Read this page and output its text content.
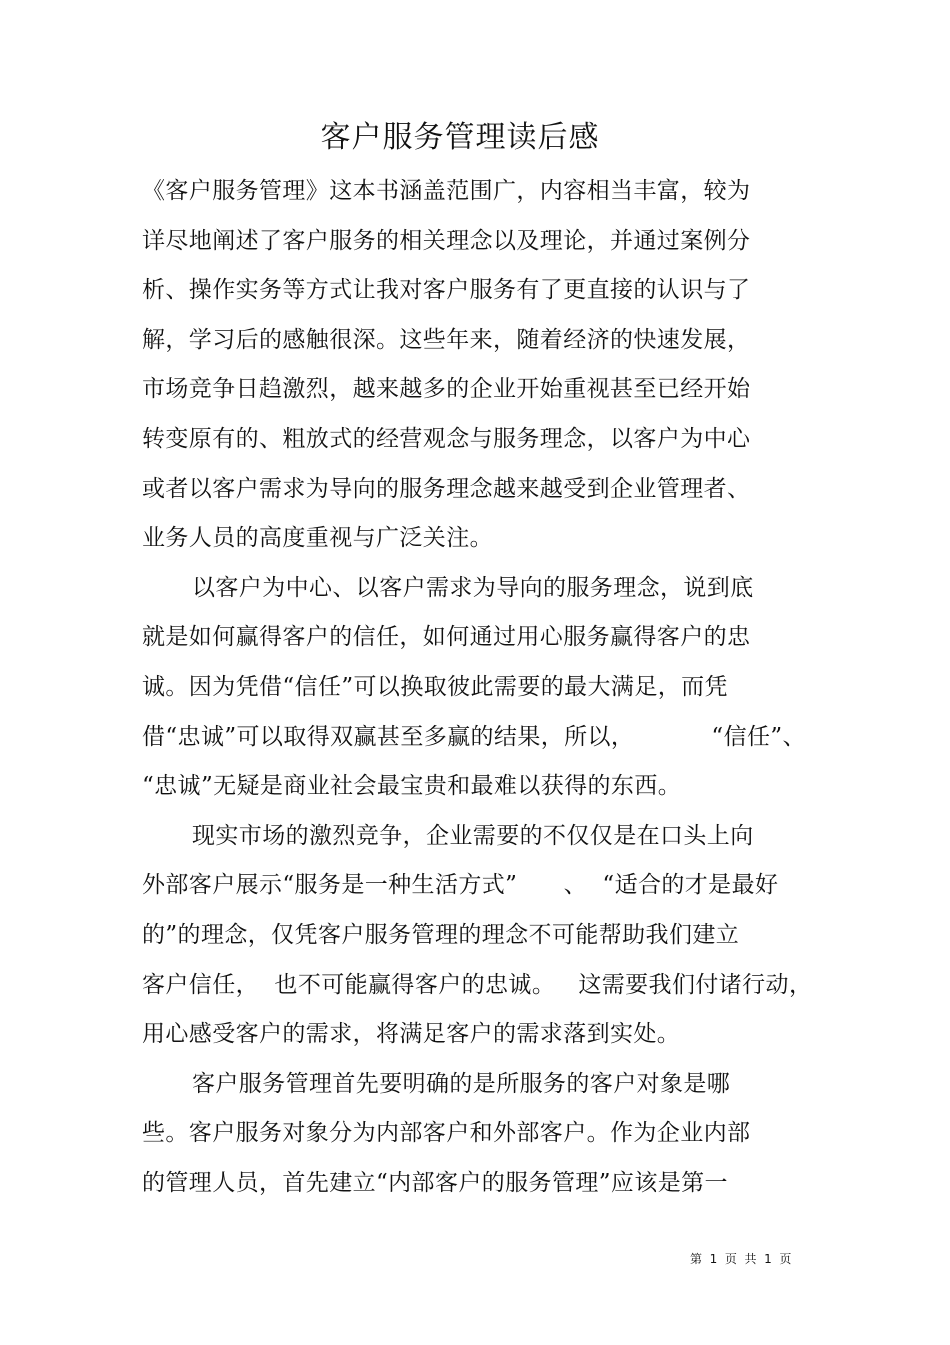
客户服务管理读后感
《客户服务管理》这本书涵盖范围广，内容相当丰富，较为
详尽地阐述了客户服务的相关理念以及理论，并通过案例分
析、操作实务等方式让我对客户服务有了更直接的认识与了
解，学习后的感触很深。这些年来，随着经济的快速发展，
市场竞争日趋激烈，越来越多的企业开始重视甚至已经开始
转变原有的、粗放式的经营观念与服务理念，以客户为中心
或者以客户需求为导向的服务理念越来越受到企业管理者、
业务人员的高度重视与广泛关注。
以客户为中心、以客户需求为导向的服务理念，说到底
就是如何赢得客户的信任，如何通过用心服务赢得客户的忠
诚。因为凭借“信任”可以换取彼此需要的最大满足，而凭
借“忠诚”可以取得双赢甚至多赢的结果，所以，          “信任”、
“忠诚”无疑是商业社会最宝贵和最难以获得的东西。
现实市场的激烈竞争，企业需要的不仅仅是在口头上向
外部客户展示“服务是一种生活方式”      、  “适合的才是最好
的”的理念，仅凭客户服务管理的理念不可能帮助我们建立
客户信任，  也不可能赢得客户的忠诚。   这需要我们付诸行动，
用心感受客户的需求，将满足客户的需求落到实处。
客户服务管理首先要明确的是所服务的客户对象是哪
些。客户服务对象分为内部客户和外部客户。作为企业内部
的管理人员，首先建立“内部客户的服务管理”应该是第一
第  1  页  共  1  页
